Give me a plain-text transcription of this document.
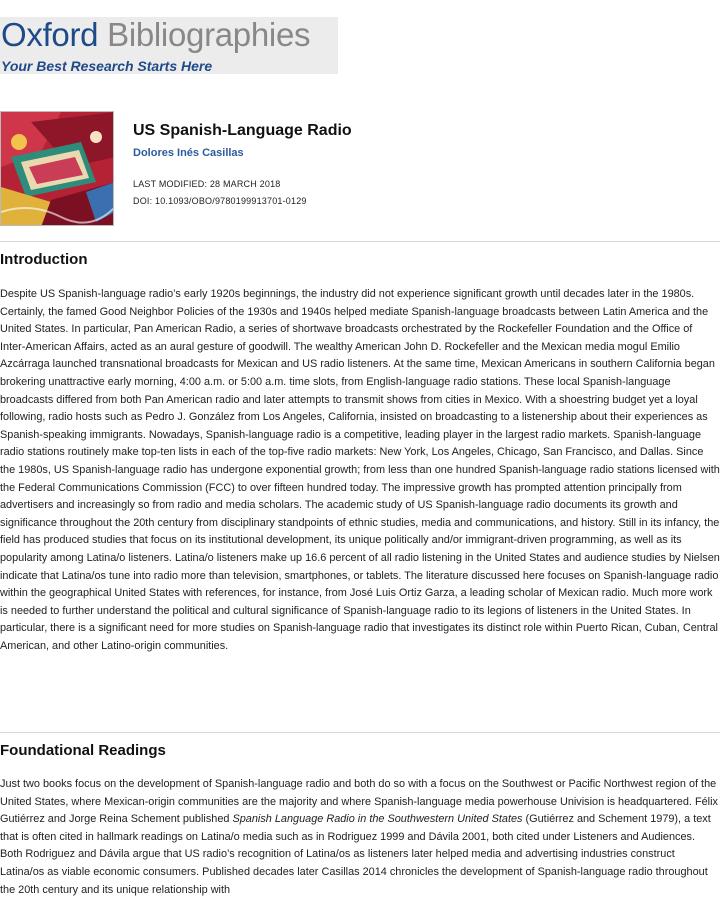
Oxford Bibliographies
Your Best Research Starts Here
US Spanish-Language Radio
Dolores Inés Casillas
LAST MODIFIED: 28 MARCH 2018
DOI: 10.1093/OBO/9780199913701-0129
Introduction

Despite US Spanish-language radio’s early 1920s beginnings, the industry did not experience significant growth until decades later in the 1980s. Certainly, the famed Good Neighbor Policies of the 1930s and 1940s helped mediate Spanish-language broadcasts between Latin America and the United States. In particular, Pan American Radio, a series of shortwave broadcasts orchestrated by the Rockefeller Foundation and the Office of Inter-American Affairs, acted as an aural gesture of goodwill. The wealthy American John D. Rockefeller and the Mexican media mogul Emilio Azcárraga launched transnational broadcasts for Mexican and US radio listeners. At the same time, Mexican Americans in southern California began brokering unattractive early morning, 4:00 a.m. or 5:00 a.m. time slots, from English-language radio stations. These local Spanish-language broadcasts differed from both Pan American radio and later attempts to transmit shows from cities in Mexico. With a shoestring budget yet a loyal following, radio hosts such as Pedro J. González from Los Angeles, California, insisted on broadcasting to a listenership about their experiences as Spanish-speaking immigrants. Nowadays, Spanish-language radio is a competitive, leading player in the largest radio markets. Spanish-language radio stations routinely make top-ten lists in each of the top-five radio markets: New York, Los Angeles, Chicago, San Francisco, and Dallas. Since the 1980s, US Spanish-language radio has undergone exponential growth; from less than one hundred Spanish-language radio stations licensed with the Federal Communications Commission (FCC) to over fifteen hundred today. The impressive growth has prompted attention principally from advertisers and increasingly so from radio and media scholars. The academic study of US Spanish-language radio documents its growth and significance throughout the 20th century from disciplinary standpoints of ethnic studies, media and communications, and history. Still in its infancy, the field has produced studies that focus on its institutional development, its unique politically and/or immigrant-driven programming, as well as its popularity among Latina/o listeners. Latina/o listeners make up 16.6 percent of all radio listening in the United States and audience studies by Nielsen indicate that Latina/os tune into radio more than television, smartphones, or tablets. The literature discussed here focuses on Spanish-language radio within the geographical United States with references, for instance, from José Luis Ortiz Garza, a leading scholar of Mexican radio. Much more work is needed to further understand the political and cultural significance of Spanish-language radio to its legions of listeners in the United States. In particular, there is a significant need for more studies on Spanish-language radio that investigates its distinct role within Puerto Rican, Cuban, Central American, and other Latino-origin communities.

Foundational Readings

Just two books focus on the development of Spanish-language radio and both do so with a focus on the Southwest or Pacific Northwest region of the United States, where Mexican-origin communities are the majority and where Spanish-language media powerhouse Univision is headquartered. Félix Gutiérrez and Jorge Reina Schement published Spanish Language Radio in the Southwestern United States (Gutiérrez and Schement 1979), a text that is often cited in hallmark readings on Latina/o media such as in Rodriguez 1999 and Dávila 2001, both cited under Listeners and Audiences. Both Rodriguez and Dávila argue that US radio’s recognition of Latina/os as listeners later helped media and advertising industries construct Latina/os as viable economic consumers. Published decades later Casillas 2014 chronicles the development of Spanish-language radio throughout the 20th century and its unique relationship with
